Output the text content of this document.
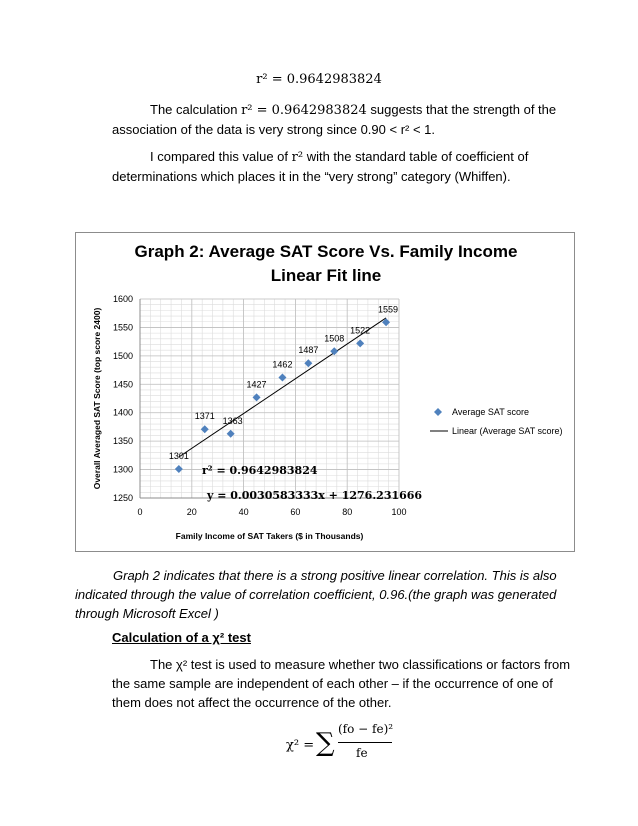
r² = 0.9642983824
The calculation r² = 0.9642983824 suggests that the strength of the
association of the data is very strong since 0.90 < r² < 1.
I compared this value of r² with the standard table of coefficient of
determinations which places it in the “very strong” category (Whiffen).
Graph 2: Average SAT Score Vs. Family Income
Linear Fit line
0	20	40	60	80	100
1250
1300
1350
1400
1450
1500
1550
1600
Family Income of SAT Takers ($ in Thousands)
Overall Averaged SAT Score (top score 2400)	1301
1371 1363
1427
1462
1487
1508
1522
1559
r² = 0.9642983824
y = 0.0030583333x + 1276.231666
Average SAT score
Linear (Average SAT score)
Graph 2 indicates that there is a strong positive linear correlation. This is also
indicated through the value of correlation coefficient, 0.96.(the graph was generated
through Microsoft Excel )
Calculation of a χ² test
The χ² test is used to measure whether two classifications or factors from
the same sample are independent of each other – if the occurrence of one of
them does not affect the occurrence of the other.
χ² = ∑ (fo − fe)²
fe
